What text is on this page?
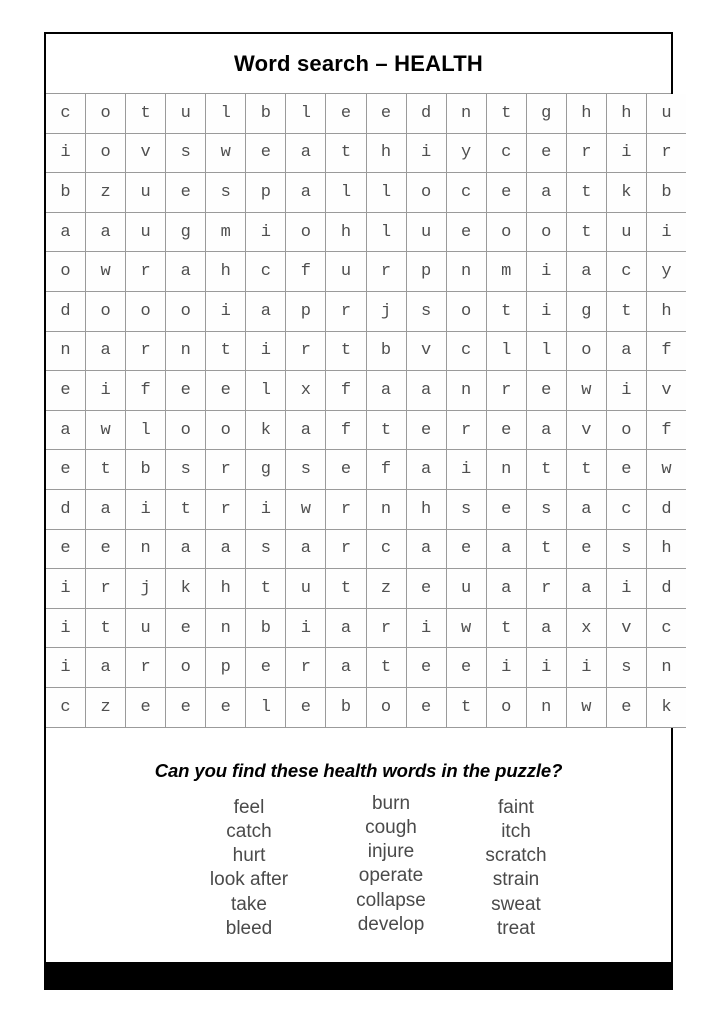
Word search – HEALTH
c	o	t	u	l	b	l	e	e	d	n	t	g	h	h	u
i	o	v	s	w	e	a	t	h	i	y	c	e	r	i	r
b	z	u	e	s	p	a	l	l	o	c	e	a	t	k	b
a	a	u	g	m	i	o	h	l	u	e	o	o	t	u	i
o	w	r	a	h	c	f	u	r	p	n	m	i	a	c	y
d	o	o	o	i	a	p	r	j	s	o	t	i	g	t	h
n	a	r	n	t	i	r	t	b	v	c	l	l	o	a	f
e	i	f	e	e	l	x	f	a	a	n	r	e	w	i	v
a	w	l	o	o	k	a	f	t	e	r	e	a	v	o	f
e	t	b	s	r	g	s	e	f	a	i	n	t	t	e	w
d	a	i	t	r	i	w	r	n	h	s	e	s	a	c	d
e	e	n	a	a	s	a	r	c	a	e	a	t	e	s	h
i	r	j	k	h	t	u	t	z	e	u	a	r	a	i	d
i	t	u	e	n	b	i	a	r	i	w	t	a	x	v	c
i	a	r	o	p	e	r	a	t	e	e	i	i	i	s	n
c	z	e	e	e	l	e	b	o	e	t	o	n	w	e	k
Can you find these health words in the puzzle?
feel
catch
hurt
look after
take
bleed
burn
cough
injure
operate
collapse
develop
faint
itch
scratch
strain
sweat
treat
